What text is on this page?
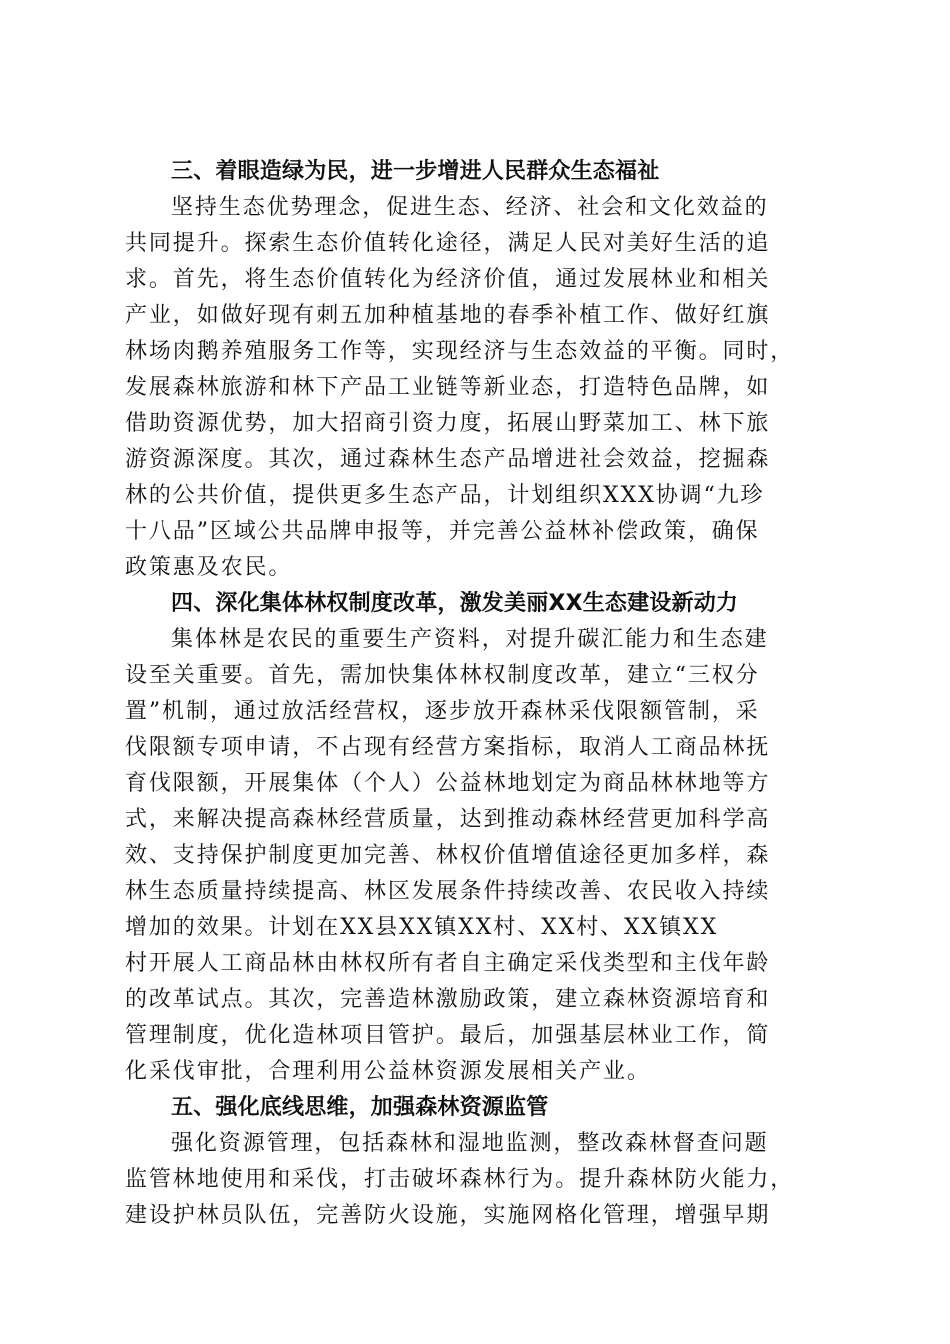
三、着眼造绿为民，进一步增进人民群众生态福祉
坚持生态优势理念，促进生态、经济、社会和文化效益的
共同提升。探索生态价值转化途径，满足人民对美好生活的追
求。首先，将生态价值转化为经济价值，通过发展林业和相关
产业，如做好现有刺五加种植基地的春季补植工作、做好红旗
林场肉鹅养殖服务工作等，实现经济与生态效益的平衡。同时，
发展森林旅游和林下产品工业链等新业态，打造特色品牌，如
借助资源优势，加大招商引资力度，拓展山野菜加工、林下旅
游资源深度。其次，通过森林生态产品增进社会效益，挖掘森
林的公共价值，提供更多生态产品，计划组织XXX协调“九珍
十八品”区域公共品牌申报等，并完善公益林补偿政策，确保
政策惠及农民。
四、深化集体林权制度改革，激发美丽XX生态建设新动力
集体林是农民的重要生产资料，对提升碳汇能力和生态建
设至关重要。首先，需加快集体林权制度改革，建立“三权分
置”机制，通过放活经营权，逐步放开森林采伐限额管制，采
伐限额专项申请，不占现有经营方案指标，取消人工商品林抚
育伐限额，开展集体（个人）公益林地划定为商品林林地等方
式，来解决提高森林经营质量，达到推动森林经营更加科学高
效、支持保护制度更加完善、林权价值增值途径更加多样，森
林生态质量持续提高、林区发展条件持续改善、农民收入持续
增加的效果。计划在XX县XX镇XX村、XX村、XX镇XX
村开展人工商品林由林权所有者自主确定采伐类型和主伐年龄
的改革试点。其次，完善造林激励政策，建立森林资源培育和
管理制度，优化造林项目管护。最后，加强基层林业工作，简
化采伐审批，合理利用公益林资源发展相关产业。
五、强化底线思维，加强森林资源监管
强化资源管理，包括森林和湿地监测，整改森林督查问题
监管林地使用和采伐，打击破坏森林行为。提升森林防火能力，
建设护林员队伍，完善防火设施，实施网格化管理，增强早期
